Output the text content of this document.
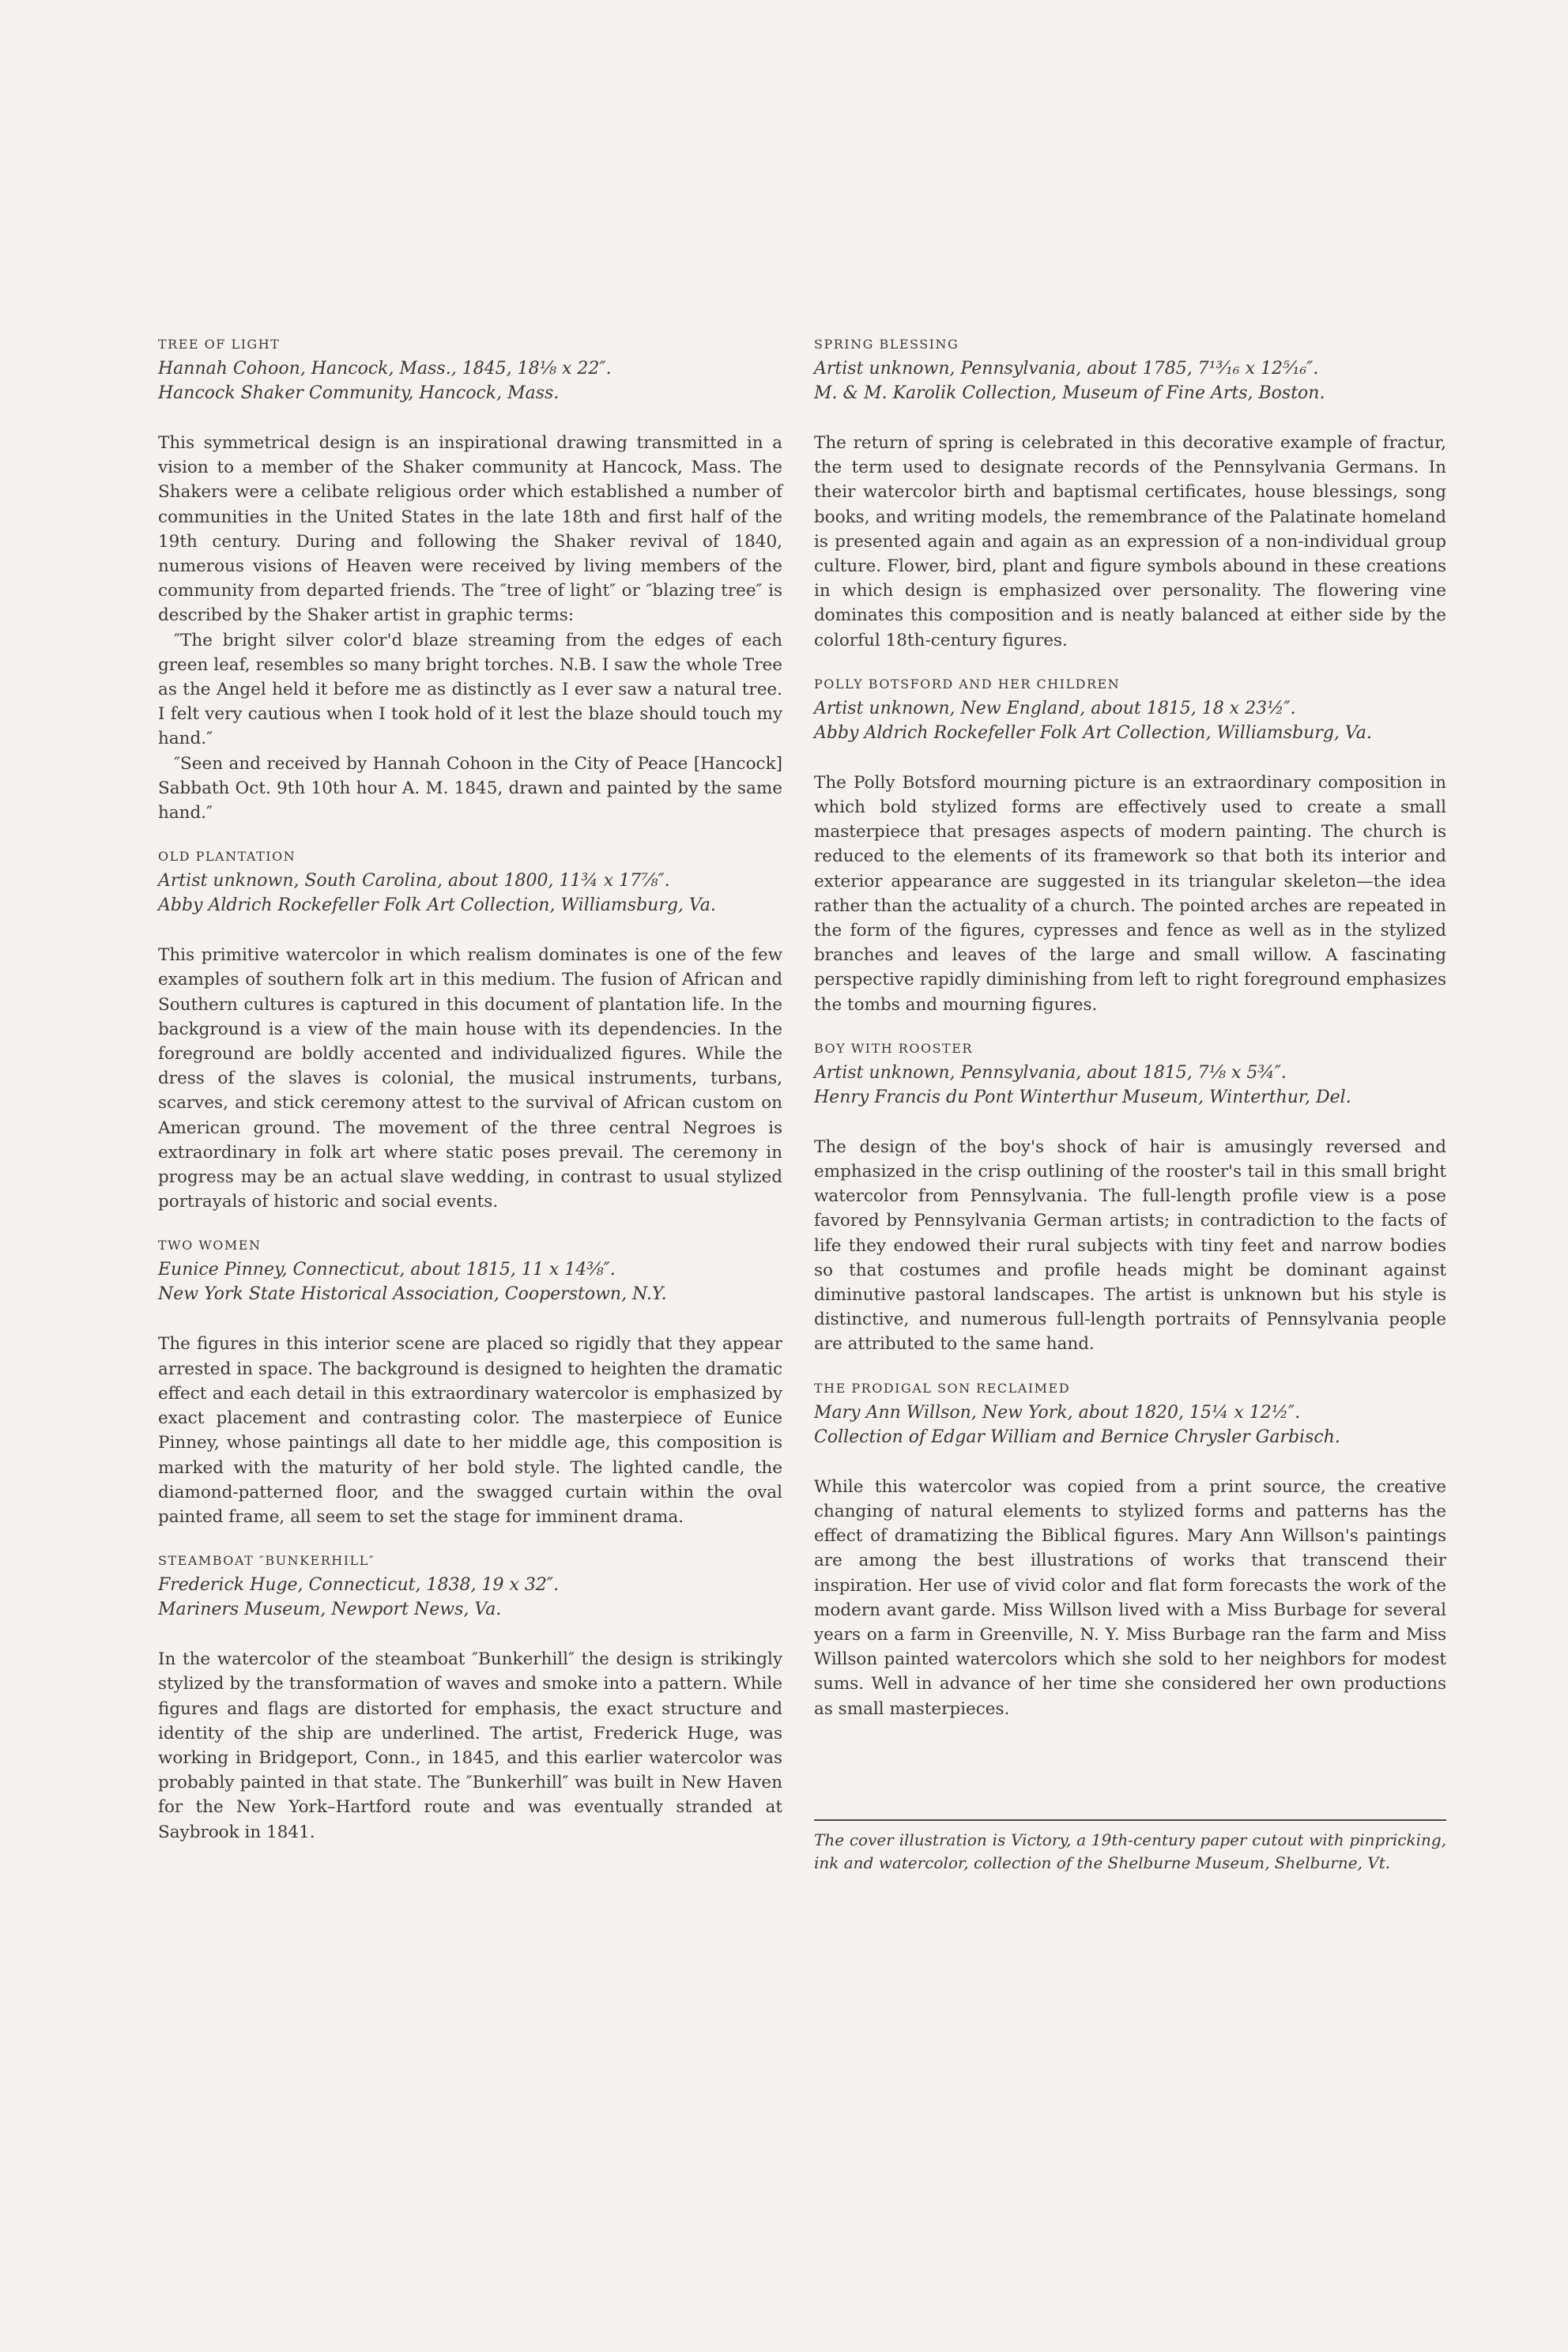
TREE OF LIGHT

Hannah Cohoon, Hancock, Mass., 1845, 18⅛ x 22″.

Hancock Shaker Community, Hancock, Mass.

This symmetrical design is an inspirational drawing transmitted in a vision to a member of the Shaker community at Hancock, Mass. The Shakers were a celibate religious order which established a number of communities in the United States in the late 18th and first half of the 19th century. During and following the Shaker revival of 1840, numerous visions of Heaven were received by living members of the community from departed friends. The ″tree of light″ or ″blazing tree″ is described by the Shaker artist in graphic terms:

″The bright silver color'd blaze streaming from the edges of each green leaf, resembles so many bright torches. N.B. I saw the whole Tree as the Angel held it before me as distinctly as I ever saw a natural tree. I felt very cautious when I took hold of it lest the blaze should touch my hand.″

″Seen and received by Hannah Cohoon in the City of Peace [Hancock] Sabbath Oct. 9th 10th hour A. M. 1845, drawn and painted by the same hand.″

OLD PLANTATION

Artist unknown, South Carolina, about 1800, 11¾ x 17⅞″.

Abby Aldrich Rockefeller Folk Art Collection, Williamsburg, Va.

This primitive watercolor in which realism dominates is one of the few examples of southern folk art in this medium. The fusion of African and Southern cultures is captured in this document of plantation life. In the background is a view of the main house with its dependencies. In the foreground are boldly accented and individualized figures. While the dress of the slaves is colonial, the musical instruments, turbans, scarves, and stick ceremony attest to the survival of African custom on American ground. The movement of the three central Negroes is extraordinary in folk art where static poses prevail. The ceremony in progress may be an actual slave wedding, in contrast to usual stylized portrayals of historic and social events.

TWO WOMEN

Eunice Pinney, Connecticut, about 1815, 11 x 14⅜″.

New York State Historical Association, Cooperstown, N.Y.

The figures in this interior scene are placed so rigidly that they appear arrested in space. The background is designed to heighten the dramatic effect and each detail in this extraordinary watercolor is emphasized by exact placement and contrasting color. The masterpiece of Eunice Pinney, whose paintings all date to her middle age, this composition is marked with the maturity of her bold style. The lighted candle, the diamond-patterned floor, and the swagged curtain within the oval painted frame, all seem to set the stage for imminent drama.

STEAMBOAT ″BUNKERHILL″

Frederick Huge, Connecticut, 1838, 19 x 32″.

Mariners Museum, Newport News, Va.

In the watercolor of the steamboat ″Bunkerhill″ the design is strikingly stylized by the transformation of waves and smoke into a pattern. While figures and flags are distorted for emphasis, the exact structure and identity of the ship are underlined. The artist, Frederick Huge, was working in Bridgeport, Conn., in 1845, and this earlier watercolor was probably painted in that state. The ″Bunkerhill″ was built in New Haven for the New York–Hartford route and was eventually stranded at Saybrook in 1841.

SPRING BLESSING

Artist unknown, Pennsylvania, about 1785, 7¹³⁄₁₆ x 12⁵⁄₁₆″.

M. & M. Karolik Collection, Museum of Fine Arts, Boston.

The return of spring is celebrated in this decorative example of fractur, the term used to designate records of the Pennsylvania Germans. In their watercolor birth and baptismal certificates, house blessings, song books, and writing models, the remembrance of the Palatinate homeland is presented again and again as an expression of a non-individual group culture. Flower, bird, plant and figure symbols abound in these creations in which design is emphasized over personality. The flowering vine dominates this composition and is neatly balanced at either side by the colorful 18th-century figures.

POLLY BOTSFORD AND HER CHILDREN

Artist unknown, New England, about 1815, 18 x 23½″.

Abby Aldrich Rockefeller Folk Art Collection, Williamsburg, Va.

The Polly Botsford mourning picture is an extraordinary composition in which bold stylized forms are effectively used to create a small masterpiece that presages aspects of modern painting. The church is reduced to the elements of its framework so that both its interior and exterior appearance are suggested in its triangular skeleton—the idea rather than the actuality of a church. The pointed arches are repeated in the form of the figures, cypresses and fence as well as in the stylized branches and leaves of the large and small willow. A fascinating perspective rapidly diminishing from left to right foreground emphasizes the tombs and mourning figures.

BOY WITH ROOSTER

Artist unknown, Pennsylvania, about 1815, 7⅛ x 5¾″.

Henry Francis du Pont Winterthur Museum, Winterthur, Del.

The design of the boy's shock of hair is amusingly reversed and emphasized in the crisp outlining of the rooster's tail in this small bright watercolor from Pennsylvania. The full-length profile view is a pose favored by Pennsylvania German artists; in contradiction to the facts of life they endowed their rural subjects with tiny feet and narrow bodies so that costumes and profile heads might be dominant against diminutive pastoral landscapes. The artist is unknown but his style is distinctive, and numerous full-length portraits of Pennsylvania people are attributed to the same hand.

THE PRODIGAL SON RECLAIMED

Mary Ann Willson, New York, about 1820, 15¼ x 12½″.

Collection of Edgar William and Bernice Chrysler Garbisch.

While this watercolor was copied from a print source, the creative changing of natural elements to stylized forms and patterns has the effect of dramatizing the Biblical figures. Mary Ann Willson's paintings are among the best illustrations of works that transcend their inspiration. Her use of vivid color and flat form forecasts the work of the modern avant garde. Miss Willson lived with a Miss Burbage for several years on a farm in Greenville, N. Y. Miss Burbage ran the farm and Miss Willson painted watercolors which she sold to her neighbors for modest sums. Well in advance of her time she considered her own productions as small masterpieces.

The cover illustration is Victory, a 19th-century paper cutout with pinpricking, ink and watercolor, collection of the Shelburne Museum, Shelburne, Vt.
